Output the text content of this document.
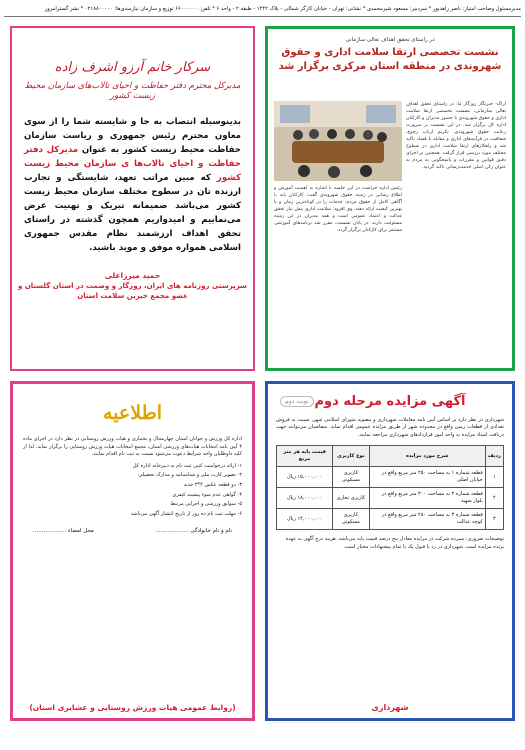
مدیرمسئول وصاحب امتیاز: ناصر زاهدپور * سردبیر: مسعود شیرمحمدی * نشانی: تهران - خیابان کارگر شمالی - پلاک ۱۴۴۲ - طبقه ۲ - واحد ۶ * تلفن: ۶۶۰۰۰۰۰۰ توزیع و سازمان نیازمندی‌ها: ۰۲۱۸۸۰۰۰۰۰ * نشر گسترامروز
سرکار خانم آرزو اشرف زاده
مدیرکل محترم دفتر حفاظت و احیای تالاب‌های سازمان محیط زیست کشور
بدینوسیله انتصاب به جا و شایسته شما را از سوی معاون محترم رئیس جمهوری و ریاست سازمان حفاظت محیط زیست کشور به عنوان مدیرکل دفتر حفاظت و احیای تالاب‌ها ی سازمان محیط زیست کشور که مبین مراتب تعهد، شایستگی و تجارب ارزنده تان در سطوح مختلف سازمان محیط زیست کشور می‌باشد صمیمانه تبریک و تهنیت عرض می‌نماییم و امیدواریم همچون گذشته در راستای تحقق اهداف ارزشمند نظام مقدس جمهوری اسلامی همواره موفق و موید باشید.
حمید میرزاعلی
سرپرستی روزنامه های ایران، روزگار و وصمت در استان گلستان و
عضو مجمع خیرین سلامت استان
در راستای تحقق اهداف تعالی سازمانی
نشست تخصصی ارتقا سلامت اداری و حقوق شهروندی در منطقه استان مرکزی برگزار شد
اراک- خبرنگار روزگار ما: در راستای تحقق اهداف تعالی سازمانی، نشست تخصصی ارتقا سلامت اداری و حقوق شهروندی با حضور مدیران و کارکنان اداره کل برگزار شد. در این نشست بر ضرورت رعایت حقوق شهروندی، تکریم ارباب رجوع، شفافیت در فرآیندهای اداری و مقابله با فساد تاکید شد و راهکارهای ارتقا سلامت اداری در سطوح مختلف مورد بررسی قرار گرفت. همچنین بر اجرای دقیق قوانین و مقررات و پاسخگویی به مردم به عنوان رکن اصلی خدمت‌رسانی تاکید گردید.
رئیس اداره حراست در این جلسه با اشاره به اهمیت آموزش و اطلاع رسانی در زمینه حقوق شهروندی گفت: کارکنان باید با آگاهی کامل از حقوق مردم، خدمات را در کوتاه‌ترین زمان و با بهترین کیفیت ارائه دهند. وی افزود: سلامت اداری پیش نیاز تحقق عدالت و اعتماد عمومی است و همه مدیران در این زمینه مسئولیت دارند. در پایان نشست، مقرر شد برنامه‌های آموزشی مستمر برای کارکنان برگزار گردد.
اطلاعیه
اداره کل ورزش و جوانان استان چهارمحال و بختیاری و هیات ورزش روستایی در نظر دارد در اجرای ماده ۴ آیین نامه انتخابات هیات‌های ورزشی استان، مجمع انتخابات هیات ورزش روستایی را برگزار نماید. لذا از کلیه داوطلبان واجد شرایط دعوت می‌شود نسبت به ثبت نام اقدام نمایند.
۱- ارائه درخواست کتبی ثبت نام به دبیرخانه اداره کل
۲- تصویر کارت ملی و شناسنامه و مدارک تحصیلی
۳- دو قطعه عکس ۴*۳ جدید
۴- گواهی عدم سوء پیشینه کیفری
۵- سوابق ورزشی و اجرایی مرتبط
۶- مهلت ثبت نام ده روز از تاریخ انتشار آگهی می‌باشد
نام و نام خانوادگی ...................
محل امضاء ...................
(روابط عمومی هیات ورزش روستایی و عشایری استان)
نوبت دوم آگهی مزایده مرحله دوم
شهرداری در نظر دارد بر اساس آیین نامه معاملات شهرداری و مصوبه شورای اسلامی شهر، نسبت به فروش تعدادی از قطعات زمین واقع در محدوده شهر از طریق مزایده عمومی اقدام نماید. متقاضیان می‌توانند جهت دریافت اسناد مزایده به واحد امور قراردادهای شهرداری مراجعه نمایند.
ردیف	شرح مورد مزایده	نوع کاربری	قیمت پایه هر متر مربع
۱	قطعه شماره ۱ به مساحت ۲۵۰ متر مربع واقع در خیابان اصلی	کاربری مسکونی	۱۵,۰۰۰,۰۰۰ ریال
۲	قطعه شماره ۲ به مساحت ۳۰۰ متر مربع واقع در بلوار شهید	کاربری تجاری	۱۸,۰۰۰,۰۰۰ ریال
۳	قطعه شماره ۳ به مساحت ۲۸۰ متر مربع واقع در کوچه عدالت	کاربری مسکونی	۱۴,۰۰۰,۰۰۰ ریال
توضیحات ضروری: سپرده شرکت در مزایده معادل پنج درصد قیمت پایه می‌باشد. هزینه درج آگهی به عهده برنده مزایده است. شهرداری در رد یا قبول یک یا تمام پیشنهادات مختار است.
شهرداری
